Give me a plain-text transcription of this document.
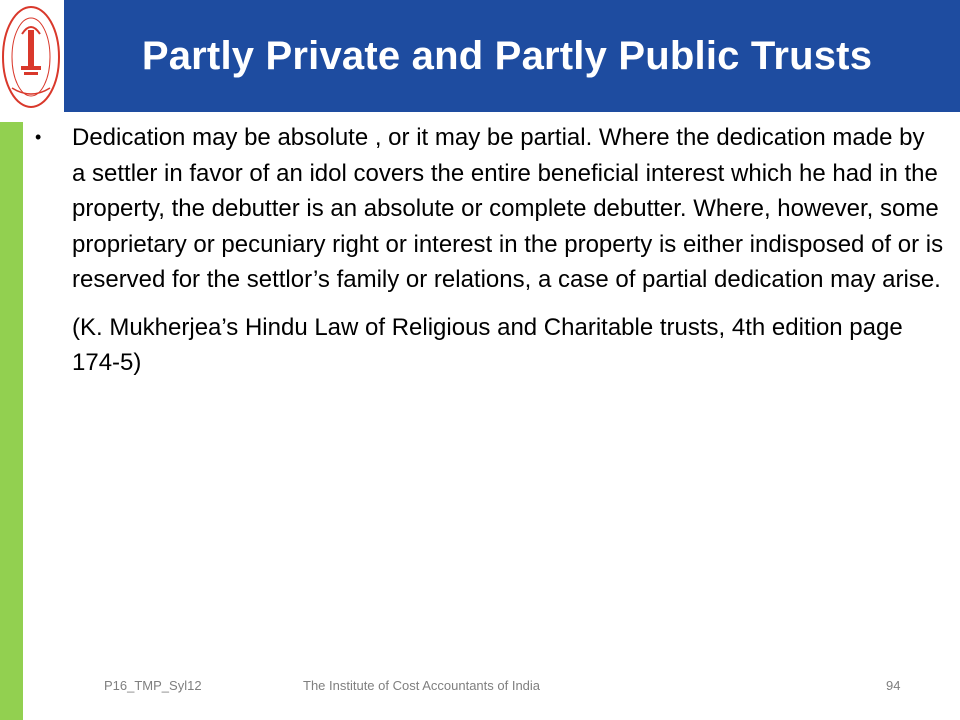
Partly Private and Partly Public Trusts
•	Dedication may be absolute , or it may be partial. Where the dedication made by a settler in favor of an idol covers the entire beneficial interest which he had in the property, the debutter is an absolute or complete debutter. Where, however, some proprietary or pecuniary right or interest in the property is either indisposed of or is reserved for the settlor’s family or relations, a case of partial dedication may arise.
(K. Mukherjea’s Hindu Law of Religious and Charitable trusts, 4th edition page 174-5)
P16_TMP_Syl12	The Institute of Cost Accountants of India	94
